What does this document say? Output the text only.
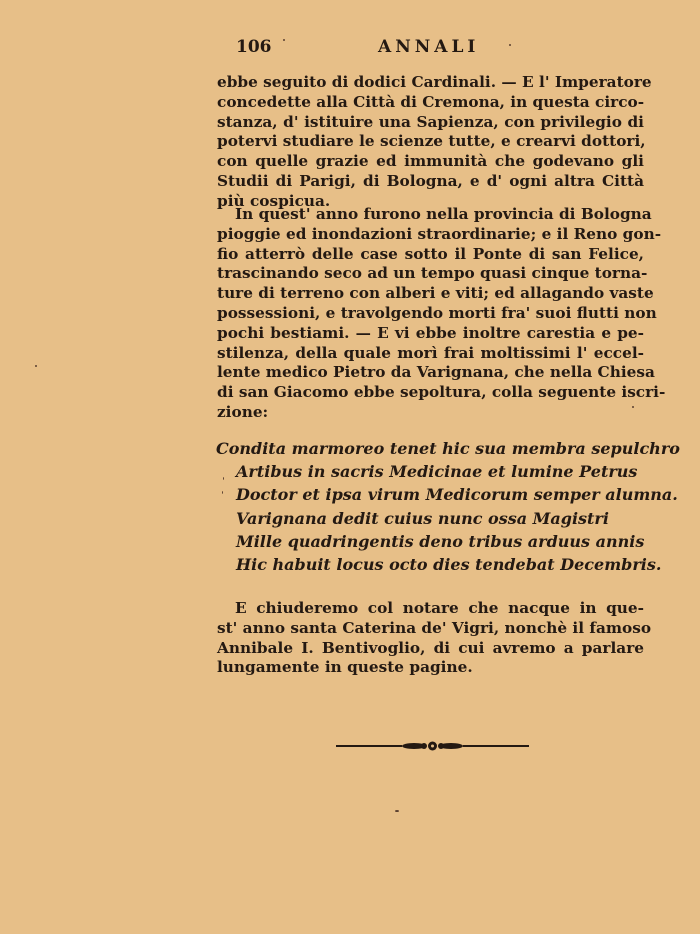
106	ANNALI
ebbe seguito di dodici Cardinali. — E l' Imperatore
concedette alla Città di Cremona, in questa circo-
stanza, d' istituire una Sapienza, con privilegio di
potervi studiare le scienze tutte, e crearvi dottori,
con quelle grazie ed immunità che godevano gli
Studii di Parigi, di Bologna, e d' ogni altra Città
più cospicua.
In quest' anno furono nella provincia di Bologna
pioggie ed inondazioni straordinarie; e il Reno gon-
fio atterrò delle case sotto il Ponte di san Felice,
trascinando seco ad un tempo quasi cinque torna-
ture di terreno con alberi e viti; ed allagando vaste
possessioni, e travolgendo morti fra' suoi flutti non
pochi bestiami. — E vi ebbe inoltre carestia e pe-
stilenza, della quale morì frai moltissimi l' eccel-
lente medico Pietro da Varignana, che nella Chiesa
di san Giacomo ebbe sepoltura, colla seguente iscri-
zione:
Condita marmoreo tenet hic sua membra sepulchro
Artibus in sacris Medicinae et lumine Petrus
Doctor et ipsa virum Medicorum semper alumna.
Varignana dedit cuius nunc ossa Magistri
Mille quadringentis deno tribus arduus annis
Hic habuit locus octo dies tendebat Decembris.
E chiuderemo col notare che nacque in que-
st' anno santa Caterina de' Vigri, nonchè il famoso
Annibale I. Bentivoglio, di cui avremo a parlare
lungamente in queste pagine.
